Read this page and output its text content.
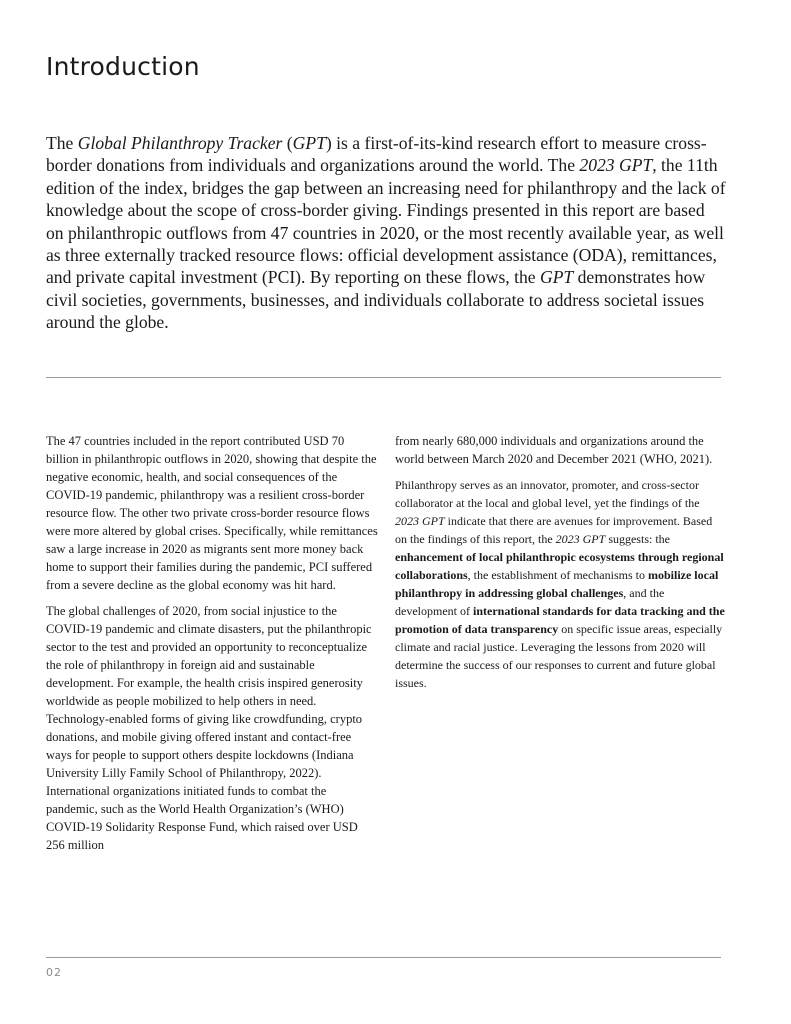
Introduction

The Global Philanthropy Tracker (GPT) is a first-of-its-kind research effort to measure cross-border donations from individuals and organizations around the world. The 2023 GPT, the 11th edition of the index, bridges the gap between an increasing need for philanthropy and the lack of knowledge about the scope of cross-border giving. Findings presented in this report are based on philanthropic outflows from 47 countries in 2020, or the most recently available year, as well as three externally tracked resource flows: official development assistance (ODA), remittances, and private capital investment (PCI). By reporting on these flows, the GPT demonstrates how civil societies, governments, businesses, and individuals collaborate to address societal issues around the globe.

The 47 countries included in the report contributed USD 70 billion in philanthropic outflows in 2020, showing that despite the negative economic, health, and social consequences of the COVID-19 pandemic, philanthropy was a resilient cross-border resource flow. The other two private cross-border resource flows were more altered by global crises. Specifically, while remittances saw a large increase in 2020 as migrants sent more money back home to support their families during the pandemic, PCI suffered from a severe decline as the global economy was hit hard.

The global challenges of 2020, from social injustice to the COVID-19 pandemic and climate disasters, put the philanthropic sector to the test and provided an opportunity to reconceptualize the role of philanthropy in foreign aid and sustainable development. For example, the health crisis inspired generosity worldwide as people mobilized to help others in need. Technology-enabled forms of giving like crowdfunding, crypto donations, and mobile giving offered instant and contact-free ways for people to support others despite lockdowns (Indiana University Lilly Family School of Philanthropy, 2022). International organizations initiated funds to combat the pandemic, such as the World Health Organization’s (WHO) COVID-19 Solidarity Response Fund, which raised over USD 256 million

from nearly 680,000 individuals and organizations around the world between March 2020 and December 2021 (WHO, 2021).

Philanthropy serves as an innovator, promoter, and cross-sector collaborator at the local and global level, yet the findings of the 2023 GPT indicate that there are avenues for improvement. Based on the findings of this report, the 2023 GPT suggests: the enhancement of local philanthropic ecosystems through regional collaborations, the establishment of mechanisms to mobilize local philanthropy in addressing global challenges, and the development of international standards for data tracking and the promotion of data transparency on specific issue areas, especially climate and racial justice. Leveraging the lessons from 2020 will determine the success of our responses to current and future global issues.

02
